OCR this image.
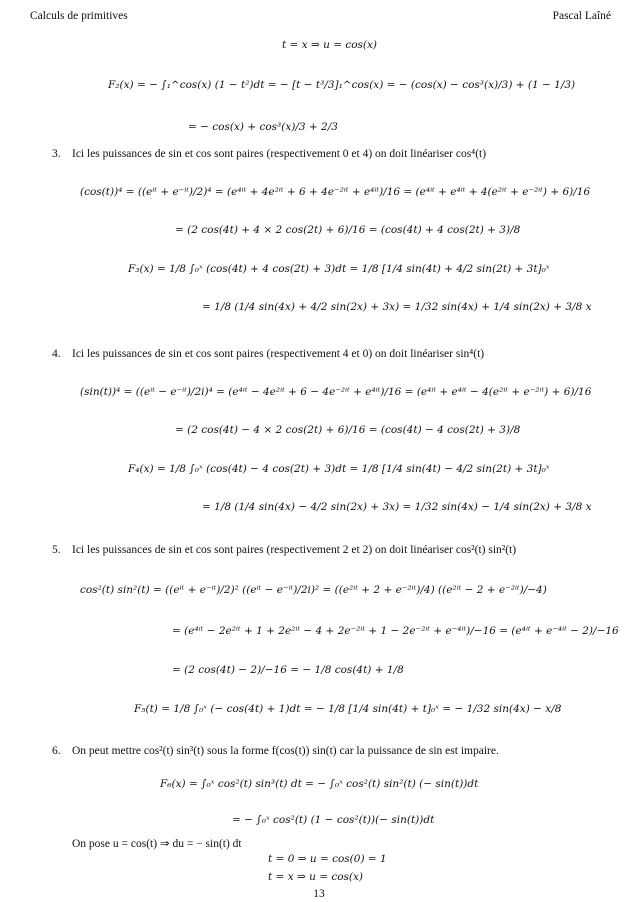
Calculs de primitives	Pascal Laîné
t = x ⇒ u = cos(x)
F₂(x) = − ∫₁^cos(x) (1 − t²)dt = − [t − t³/3]₁^cos(x) = − (cos(x) − cos³(x)/3) + (1 − 1/3)
= − cos(x) + cos³(x)/3 + 2/3
3. Ici les puissances de sin et cos sont paires (respectivement 0 et 4) on doit linéariser cos⁴(t)
(cos(t))⁴ = ((eⁱᵗ + e⁻ⁱᵗ)/2)⁴ = (e⁴ⁱᵗ + 4e²ⁱᵗ + 6 + 4e⁻²ⁱᵗ + e⁴ⁱᵗ)/16 = (e⁴ⁱᵗ + e⁴ⁱᵗ + 4(e²ⁱᵗ + e⁻²ⁱᵗ) + 6)/16
= (2 cos(4t) + 4 × 2 cos(2t) + 6)/16 = (cos(4t) + 4 cos(2t) + 3)/8
F₃(x) = 1/8 ∫₀ˣ (cos(4t) + 4 cos(2t) + 3)dt = 1/8 [1/4 sin(4t) + 4/2 sin(2t) + 3t]₀ˣ
= 1/8 (1/4 sin(4x) + 4/2 sin(2x) + 3x) = 1/32 sin(4x) + 1/4 sin(2x) + 3/8 x
4. Ici les puissances de sin et cos sont paires (respectivement 4 et 0) on doit linéariser sin⁴(t)
(sin(t))⁴ = ((eⁱᵗ − e⁻ⁱᵗ)/2i)⁴ = (e⁴ⁱᵗ − 4e²ⁱᵗ + 6 − 4e⁻²ⁱᵗ + e⁴ⁱᵗ)/16 = (e⁴ⁱᵗ + e⁴ⁱᵗ − 4(e²ⁱᵗ + e⁻²ⁱᵗ) + 6)/16
= (2 cos(4t) − 4 × 2 cos(2t) + 6)/16 = (cos(4t) − 4 cos(2t) + 3)/8
F₄(x) = 1/8 ∫₀ˣ (cos(4t) − 4 cos(2t) + 3)dt = 1/8 [1/4 sin(4t) − 4/2 sin(2t) + 3t]₀ˣ
= 1/8 (1/4 sin(4x) − 4/2 sin(2x) + 3x) = 1/32 sin(4x) − 1/4 sin(2x) + 3/8 x
5. Ici les puissances de sin et cos sont paires (respectivement 2 et 2) on doit linéariser cos²(t) sin²(t)
cos²(t) sin²(t) = ((eⁱᵗ + e⁻ⁱᵗ)/2)² ((eⁱᵗ − e⁻ⁱᵗ)/2i)² = ((e²ⁱᵗ + 2 + e⁻²ⁱᵗ)/4) ((e²ⁱᵗ − 2 + e⁻²ⁱᵗ)/−4)
= (e⁴ⁱᵗ − 2e²ⁱᵗ + 1 + 2e²ⁱᵗ − 4 + 2e⁻²ⁱᵗ + 1 − 2e⁻²ⁱᵗ + e⁻⁴ⁱᵗ)/−16 = (e⁴ⁱᵗ + e⁻⁴ⁱᵗ − 2)/−16
= (2 cos(4t) − 2)/−16 = − 1/8 cos(4t) + 1/8
F₅(t) = 1/8 ∫₀ˣ (− cos(4t) + 1)dt = − 1/8 [1/4 sin(4t) + t]₀ˣ = − 1/32 sin(4x) − x/8
6. On peut mettre cos²(t) sin³(t) sous la forme f(cos(t)) sin(t) car la puissance de sin est impaire.
F₆(x) = ∫₀ˣ cos²(t) sin³(t) dt = − ∫₀ˣ cos²(t) sin²(t) (− sin(t))dt
= − ∫₀ˣ cos²(t) (1 − cos²(t))(− sin(t))dt
On pose u = cos(t) ⇒ du = − sin(t) dt
13
t = 0 ⇒ u = cos(0) = 1
t = x ⇒ u = cos(x)
